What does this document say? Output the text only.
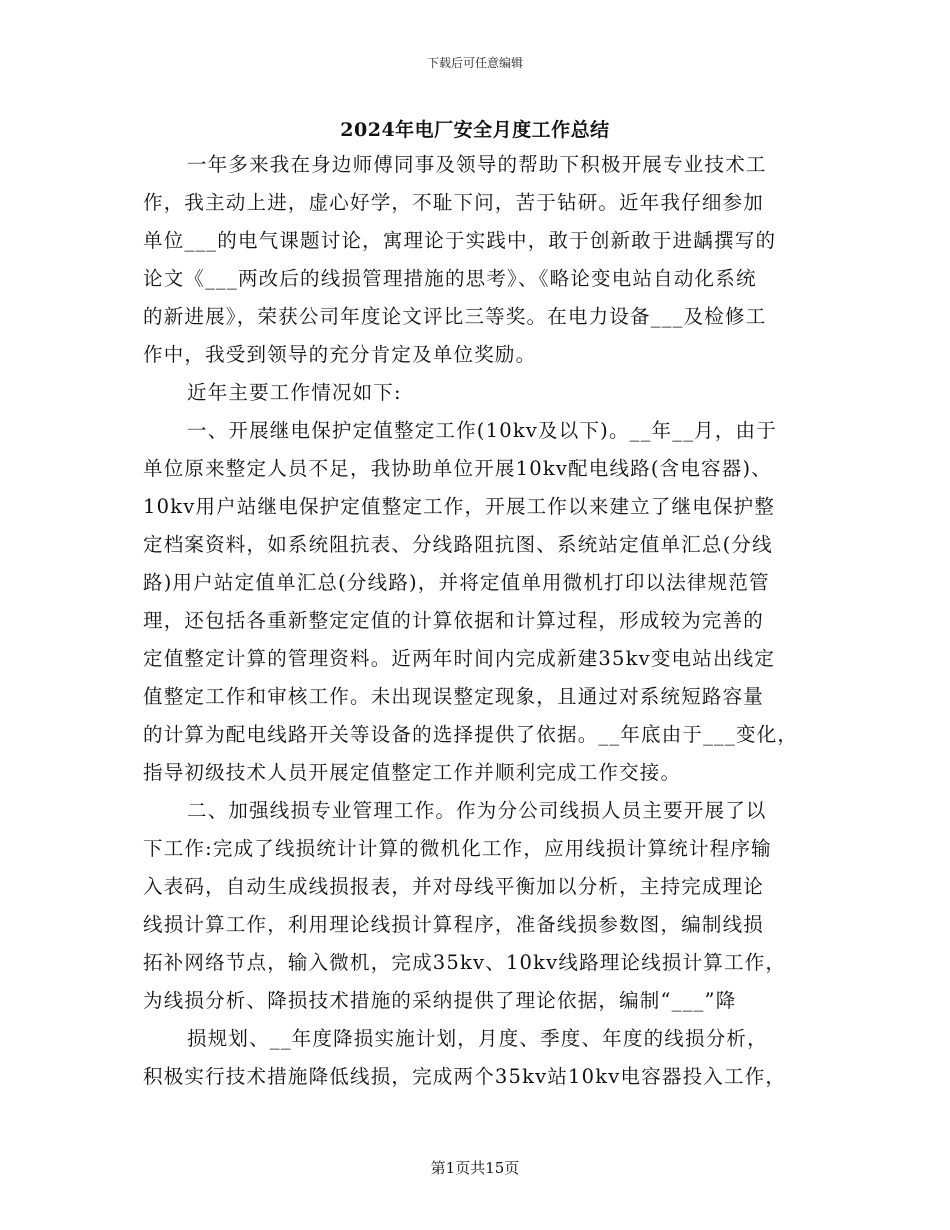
下载后可任意编辑
2024年电厂安全月度工作总结
一年多来我在身边师傅同事及领导的帮助下积极开展专业技术工
作，我主动上进，虚心好学，不耻下问，苦于钻研。近年我仔细参加
单位___的电气课题讨论，寓理论于实践中，敢于创新敢于进龋撰写的
论文《___两改后的线损管理措施的思考》、《略论变电站自动化系统
的新进展》，荣获公司年度论文评比三等奖。在电力设备___及检修工
作中，我受到领导的充分肯定及单位奖励。
近年主要工作情况如下:
一、开展继电保护定值整定工作(10kv及以下)。__年__月，由于
单位原来整定人员不足，我协助单位开展10kv配电线路(含电容器)、
10kv用户站继电保护定值整定工作，开展工作以来建立了继电保护整
定档案资料，如系统阻抗表、分线路阻抗图、系统站定值单汇总(分线
路)用户站定值单汇总(分线路)，并将定值单用微机打印以法律规范管
理，还包括各重新整定定值的计算依据和计算过程，形成较为完善的
定值整定计算的管理资料。近两年时间内完成新建35kv变电站出线定
值整定工作和审核工作。未出现误整定现象，且通过对系统短路容量
的计算为配电线路开关等设备的选择提供了依据。__年底由于___变化，
指导初级技术人员开展定值整定工作并顺利完成工作交接。
二、加强线损专业管理工作。作为分公司线损人员主要开展了以
下工作:完成了线损统计计算的微机化工作，应用线损计算统计程序输
入表码，自动生成线损报表，并对母线平衡加以分析，主持完成理论
线损计算工作，利用理论线损计算程序，准备线损参数图，编制线损
拓补网络节点，输入微机，完成35kv、10kv线路理论线损计算工作，
为线损分析、降损技术措施的采纳提供了理论依据，编制“___”降
损规划、__年度降损实施计划，月度、季度、年度的线损分析，
积极实行技术措施降低线损，完成两个35kv站10kv电容器投入工作，
第1页共15页
